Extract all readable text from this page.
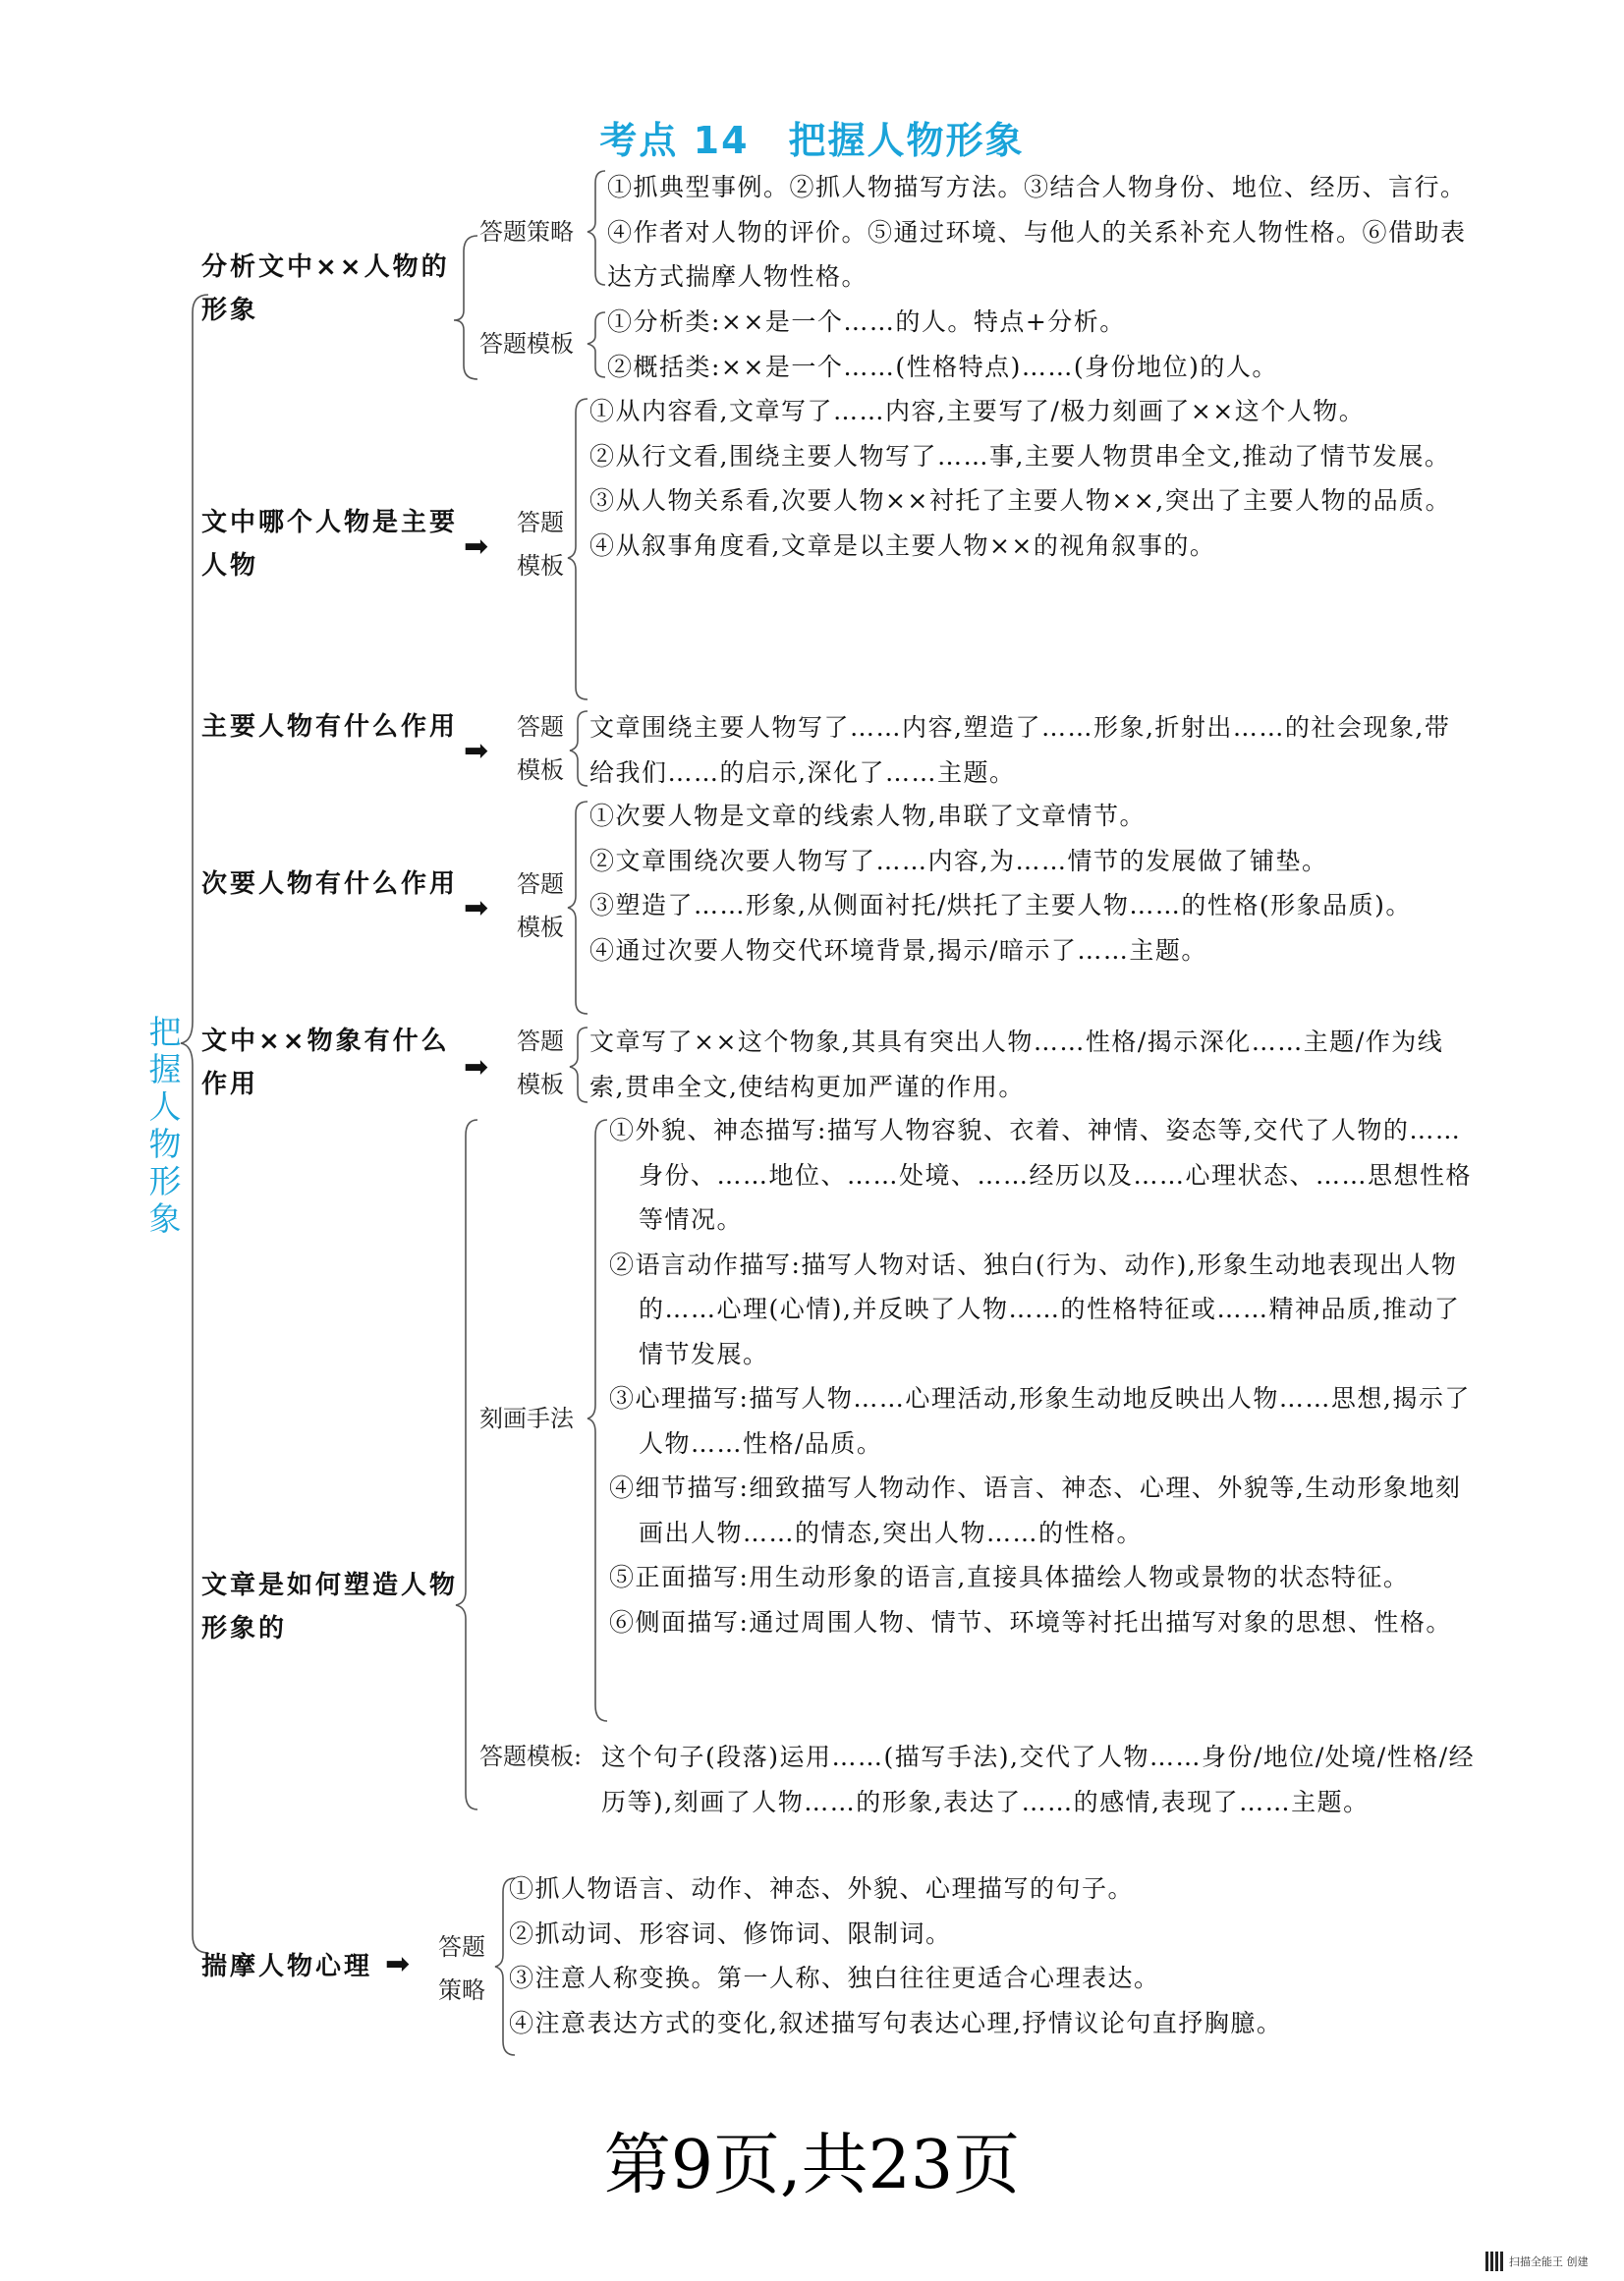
考点 14 把握人物形象
把握人物形象
分析文中××人物的形象
答题策略
①抓典型事例。②抓人物描写方法。③结合人物身份、地位、经历、言行。④作者对人物的评价。⑤通过环境、与他人的关系补充人物性格。⑥借助表达方式揣摩人物性格。
答题模板
①分析类:××是一个……的人。特点+分析。
②概括类:××是一个……(性格特点)……(身份地位)的人。
文中哪个人物是主要人物
➡
答题模板
①从内容看,文章写了……内容,主要写了/极力刻画了××这个人物。
②从行文看,围绕主要人物写了……事,主要人物贯串全文,推动了情节发展。
③从人物关系看,次要人物××衬托了主要人物××,突出了主要人物的品质。
④从叙事角度看,文章是以主要人物××的视角叙事的。
主要人物有什么作用
➡
答题模板
文章围绕主要人物写了……内容,塑造了……形象,折射出……的社会现象,带给我们……的启示,深化了……主题。
次要人物有什么作用
➡
答题模板
①次要人物是文章的线索人物,串联了文章情节。
②文章围绕次要人物写了……内容,为……情节的发展做了铺垫。
③塑造了……形象,从侧面衬托/烘托了主要人物……的性格(形象品质)。
④通过次要人物交代环境背景,揭示/暗示了……主题。
文中××物象有什么作用	➡
答题模板
文章写了××这个物象,其具有突出人物……性格/揭示深化……主题/作为线索,贯串全文,使结构更加严谨的作用。
文章是如何塑造人物形象的
刻画手法
①外貌、神态描写:描写人物容貌、衣着、神情、姿态等,交代了人物的……身份、……地位、……处境、……经历以及……心理状态、……思想性格等情况。
②语言动作描写:描写人物对话、独白(行为、动作),形象生动地表现出人物的……心理(心情),并反映了人物……的性格特征或……精神品质,推动了情节发展。
③心理描写:描写人物……心理活动,形象生动地反映出人物……思想,揭示了人物……性格/品质。
④细节描写:细致描写人物动作、语言、神态、心理、外貌等,生动形象地刻画出人物……的情态,突出人物……的性格。
⑤正面描写:用生动形象的语言,直接具体描绘人物或景物的状态特征。
⑥侧面描写:通过周围人物、情节、环境等衬托出描写对象的思想、性格。
答题模板: 这个句子(段落)运用……(描写手法),交代了人物……身份/地位/处境/性格/经历等),刻画了人物……的形象,表达了……的感情,表现了……主题。
揣摩人物心理 ➡ 答题策略
①抓人物语言、动作、神态、外貌、心理描写的句子。
②抓动词、形容词、修饰词、限制词。
③注意人称变换。第一人称、独白往往更适合心理表达。
④注意表达方式的变化,叙述描写句表达心理,抒情议论句直抒胸臆。
第9页,共23页
扫描全能王 创建
